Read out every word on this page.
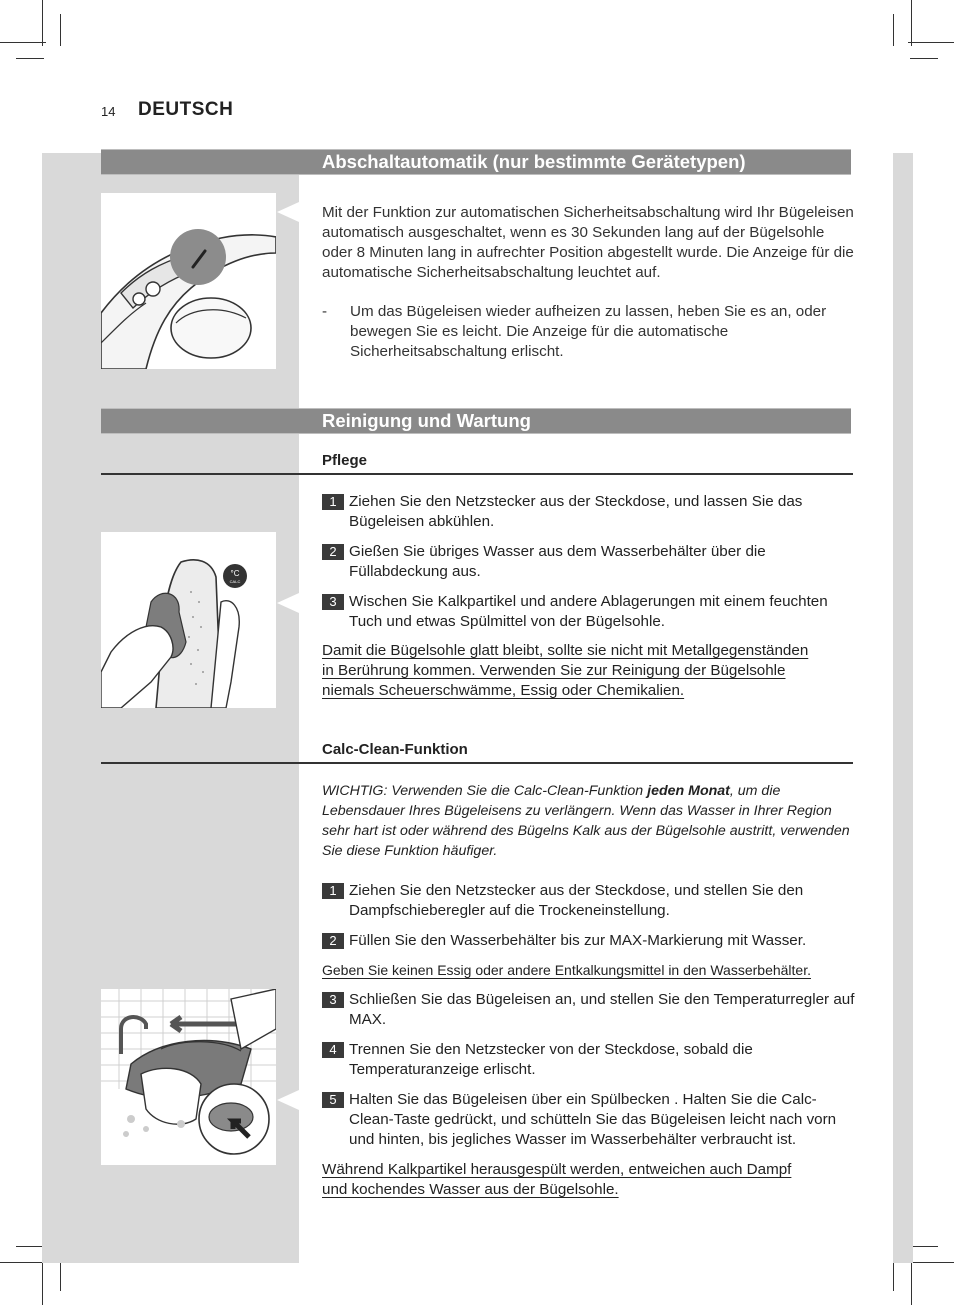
14 DEUTSCH
Abschaltautomatik (nur bestimmte Gerätetypen)
Mit der Funktion zur automatischen Sicherheitsabschaltung wird Ihr Bügeleisen automatisch ausgeschaltet, wenn es 30 Sekunden lang auf der Bügelsohle oder 8 Minuten lang in aufrechter Position abgestellt wurde. Die Anzeige für die automatische Sicherheitsabschaltung leuchtet auf.
- Um das Bügeleisen wieder aufheizen zu lassen, heben Sie es an, oder bewegen Sie es leicht. Die Anzeige für die automatische Sicherheitsabschaltung erlischt.
Reinigung und Wartung
Pflege
1 Ziehen Sie den Netzstecker aus der Steckdose, und lassen Sie das Bügeleisen abkühlen.
2 Gießen Sie übriges Wasser aus dem Wasserbehälter über die Füllabdeckung aus.
3 Wischen Sie Kalkpartikel und andere Ablagerungen mit einem feuchten Tuch und etwas Spülmittel von der Bügelsohle.
Damit die Bügelsohle glatt bleibt, sollte sie nicht mit Metallgegenständen
in Berührung kommen. Verwenden Sie zur Reinigung der Bügelsohle
niemals Scheuerschwämme, Essig oder Chemikalien.
°C
CALC
Calc-Clean-Funktion
WICHTIG: Verwenden Sie die Calc-Clean-Funktion jeden Monat, um die Lebensdauer Ihres Bügeleisens zu verlängern. Wenn das Wasser in Ihrer Region sehr hart ist oder während des Bügelns Kalk aus der Bügelsohle austritt, verwenden Sie diese Funktion häufiger.
1 Ziehen Sie den Netzstecker aus der Steckdose, und stellen Sie den Dampfschieberegler auf die Trockeneinstellung.
2 Füllen Sie den Wasserbehälter bis zur MAX-Markierung mit Wasser.
Geben Sie keinen Essig oder andere Entkalkungsmittel in den Wasserbehälter.
3 Schließen Sie das Bügeleisen an, und stellen Sie den Temperaturregler auf MAX.
4 Trennen Sie den Netzstecker von der Steckdose, sobald die Temperaturanzeige erlischt.
5 Halten Sie das Bügeleisen über ein Spülbecken . Halten Sie die Calc-Clean-Taste gedrückt, und schütteln Sie das Bügeleisen leicht nach vorn und hinten, bis jegliches Wasser im Wasserbehälter verbraucht ist.
Während Kalkpartikel herausgespült werden, entweichen auch Dampf
und kochendes Wasser aus der Bügelsohle.
